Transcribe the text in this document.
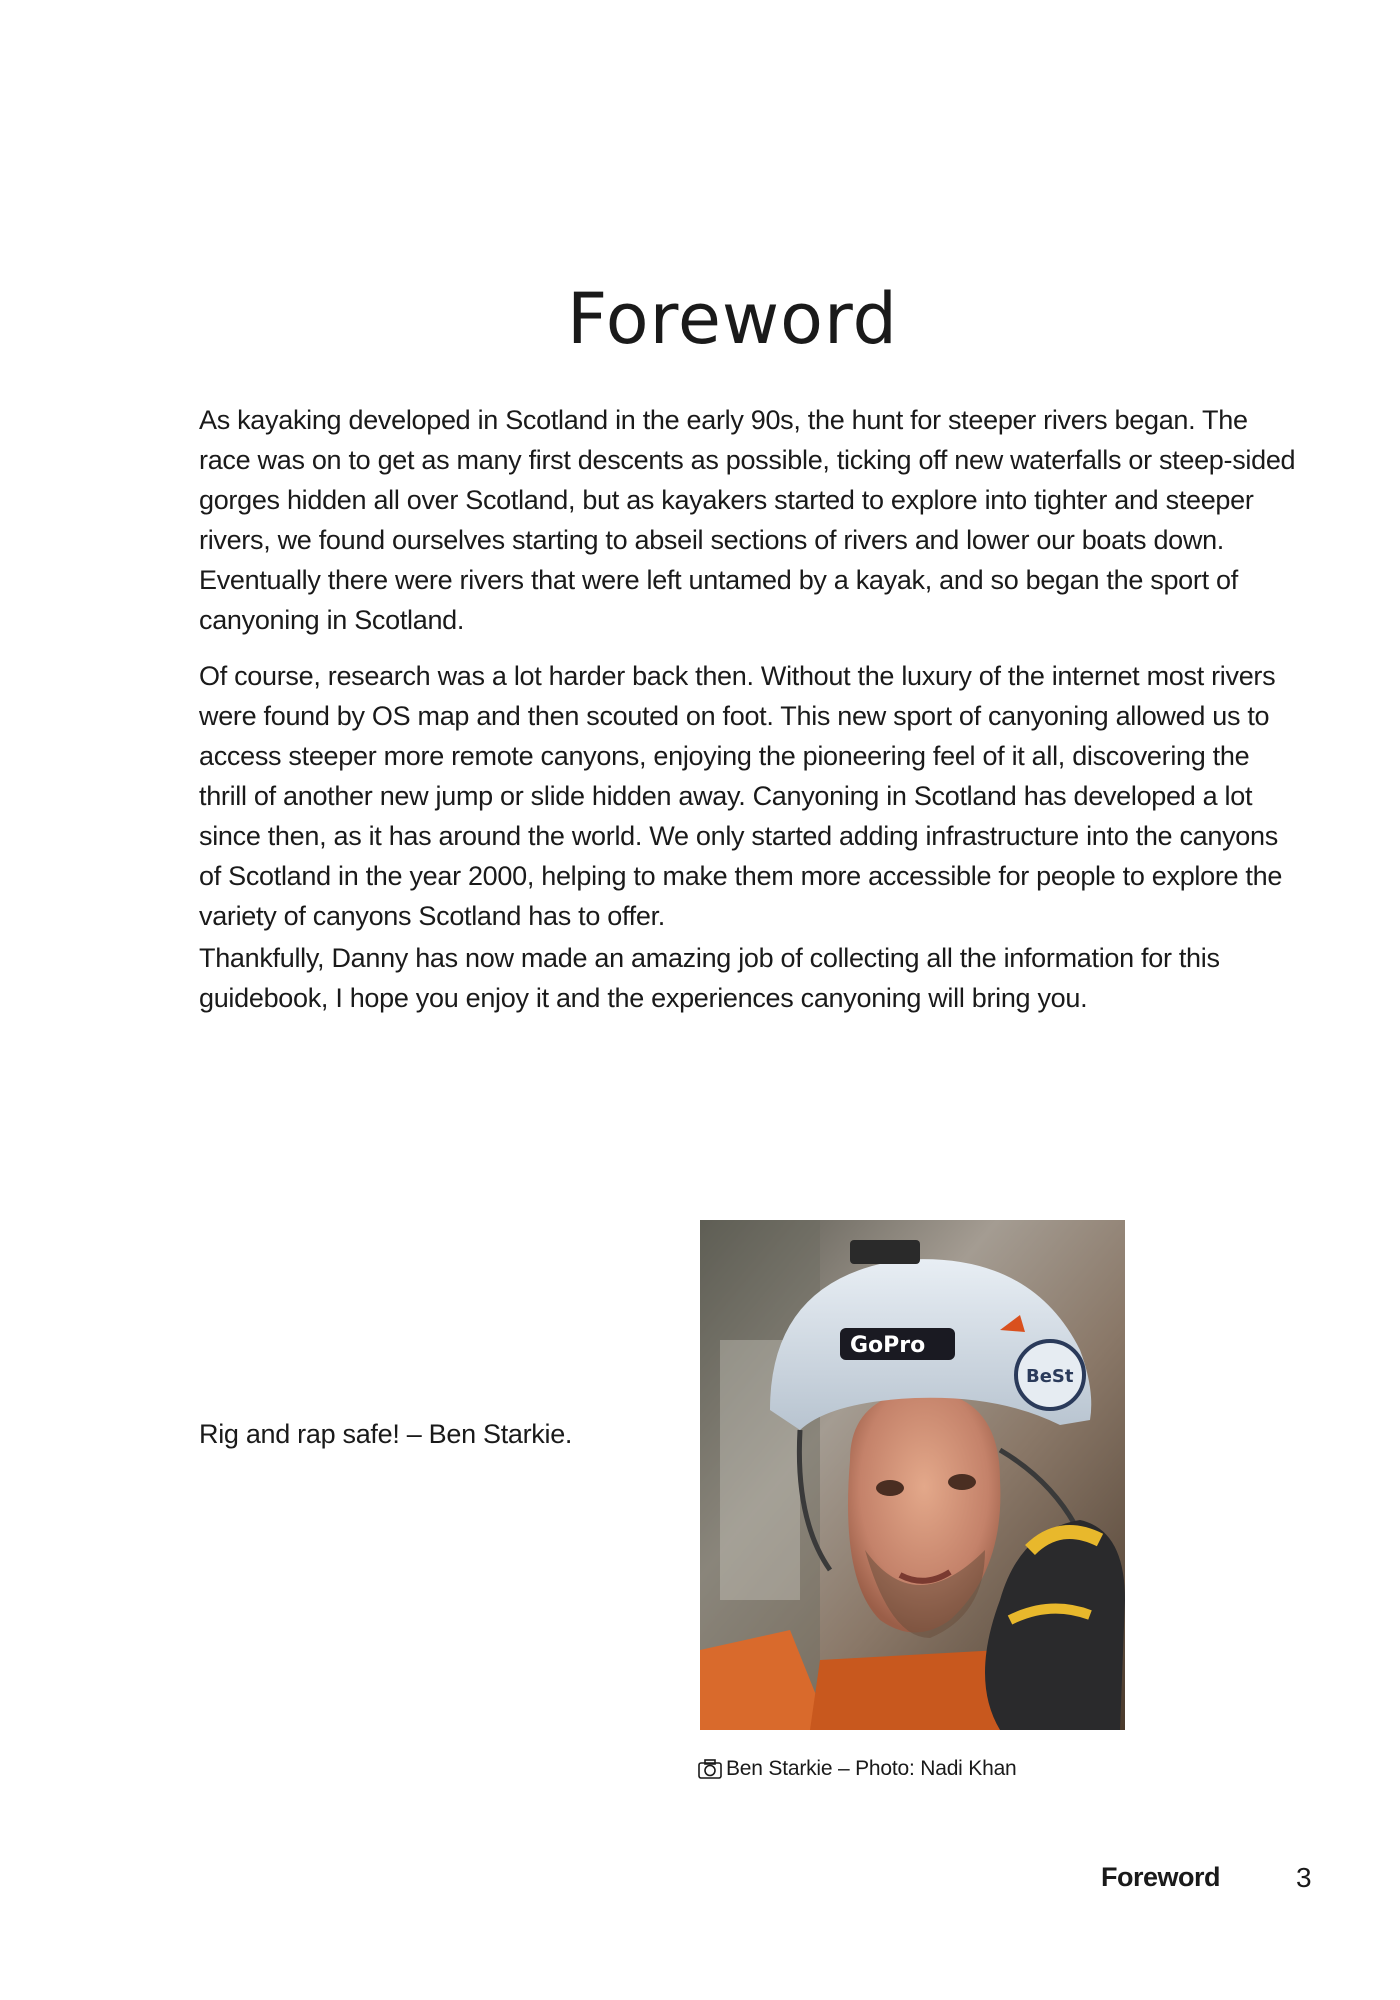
Foreword

As kayaking developed in Scotland in the early 90s, the hunt for steeper rivers began. The race was on to get as many first descents as possible, ticking off new waterfalls or steep-sided gorges hidden all over Scotland, but as kayakers started to explore into tighter and steeper rivers, we found ourselves starting to abseil sections of rivers and lower our boats down. Eventually there were rivers that were left untamed by a kayak, and so began the sport of canyoning in Scotland.

Of course, research was a lot harder back then. Without the luxury of the internet most rivers were found by OS map and then scouted on foot. This new sport of canyoning allowed us to access steeper more remote canyons, enjoying the pioneering feel of it all, discovering the thrill of another new jump or slide hidden away. Canyoning in Scotland has developed a lot since then, as it has around the world. We only started adding infrastructure into the canyons of Scotland in the year 2000, helping to make them more accessible for people to explore the variety of canyons Scotland has to offer.

Thankfully, Danny has now made an amazing job of collecting all the information for this guidebook, I hope you enjoy it and the experiences canyoning will bring you.

Rig and rap safe! – Ben Starkie.
GoPro
BeSt
Ben Starkie – Photo: Nadi Khan
Foreword	3
